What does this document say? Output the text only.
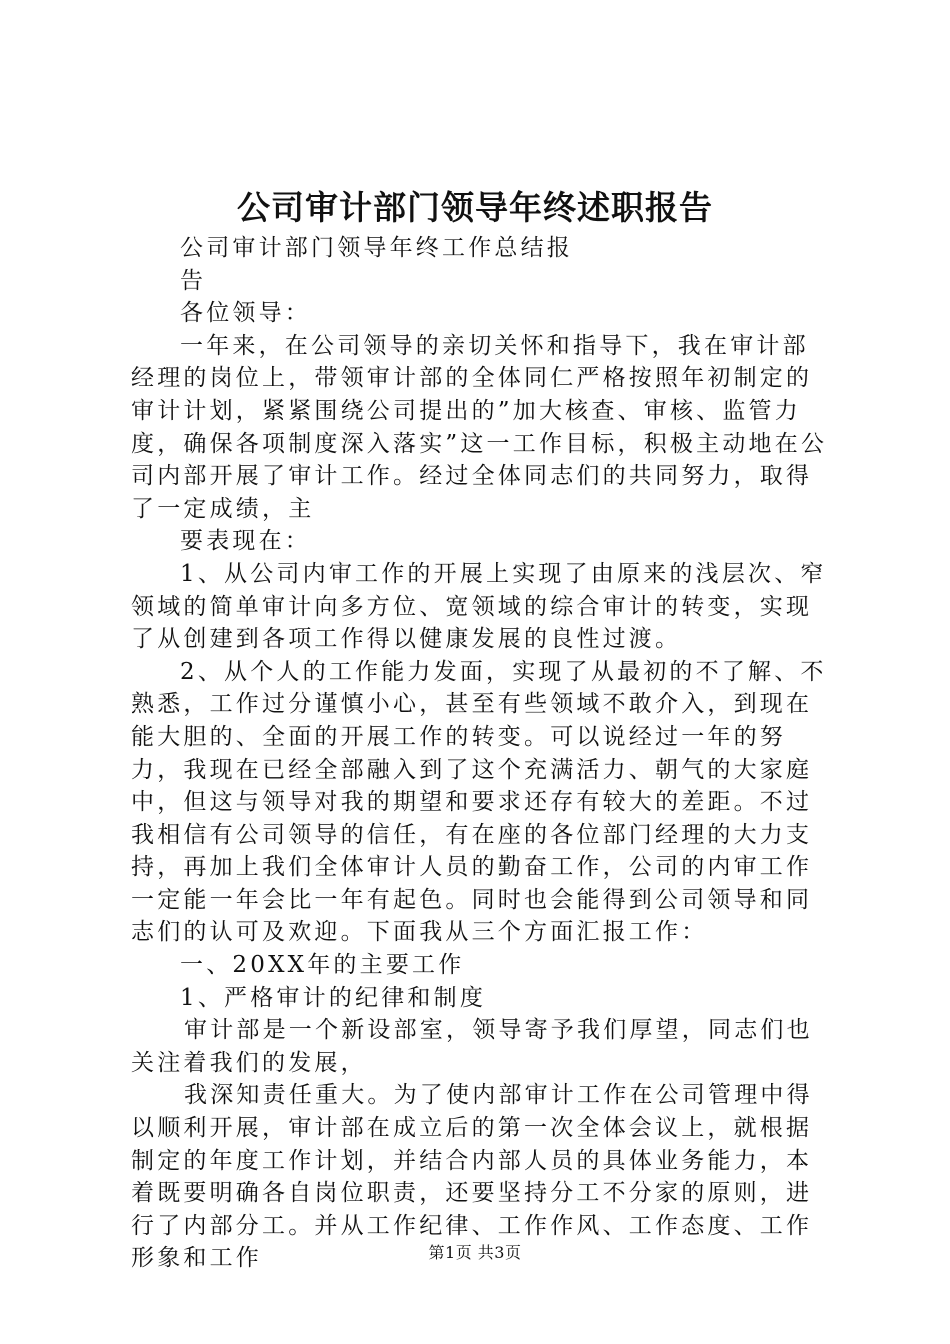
公司审计部门领导年终述职报告

公司审计部门领导年终工作总结报

告

各位领导：

一年来，在公司领导的亲切关怀和指导下，我在审计部经理的岗位上，带领审计部的全体同仁严格按照年初制定的审计计划，紧紧围绕公司提出的”加大核查、审核、监管力度，确保各项制度深入落实”这一工作目标，积极主动地在公司内部开展了审计工作。经过全体同志们的共同努力，取得了一定成绩，主

要表现在：

1、从公司内审工作的开展上实现了由原来的浅层次、窄领域的简单审计向多方位、宽领域的综合审计的转变，实现了从创建到各项工作得以健康发展的良性过渡。

2、从个人的工作能力发面，实现了从最初的不了解、不熟悉，工作过分谨慎小心，甚至有些领域不敢介入，到现在能大胆的、全面的开展工作的转变。可以说经过一年的努力，我现在已经全部融入到了这个充满活力、朝气的大家庭中，但这与领导对我的期望和要求还存有较大的差距。不过我相信有公司领导的信任，有在座的各位部门经理的大力支持，再加上我们全体审计人员的勤奋工作，公司的内审工作一定能一年会比一年有起色。同时也会能得到公司领导和同志们的认可及欢迎。下面我从三个方面汇报工作：

一、20XX年的主要工作

1、严格审计的纪律和制度

审计部是一个新设部室，领导寄予我们厚望，同志们也关注着我们的发展，

我深知责任重大。为了使内部审计工作在公司管理中得以顺利开展，审计部在成立后的第一次全体会议上，就根据制定的年度工作计划，并结合内部人员的具体业务能力，本着既要明确各自岗位职责，还要坚持分工不分家的原则，进行了内部分工。并从工作纪律、工作作风、工作态度、工作形象和工作	第1页 共3页
